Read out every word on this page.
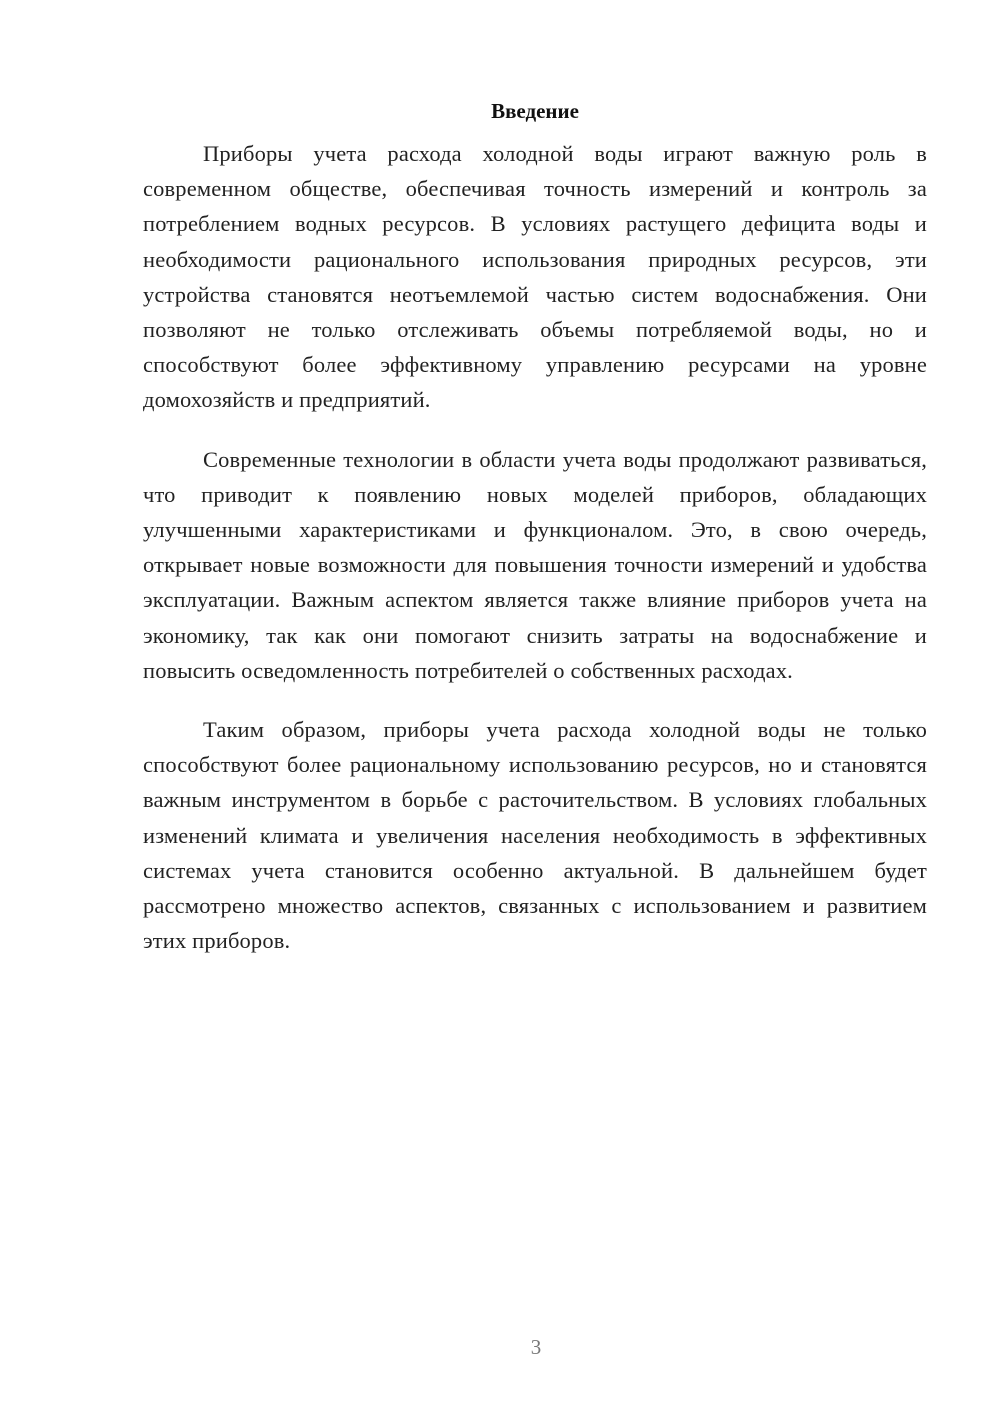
Введение

Приборы учета расхода холодной воды играют важную роль в современном обществе, обеспечивая точность измерений и контроль за потреблением водных ресурсов. В условиях растущего дефицита воды и необходимости рационального использования природных ресурсов, эти устройства становятся неотъемлемой частью систем водоснабжения. Они позволяют не только отслеживать объемы потребляемой воды, но и способствуют более эффективному управлению ресурсами на уровне домохозяйств и предприятий.

Современные технологии в области учета воды продолжают развиваться, что приводит к появлению новых моделей приборов, обладающих улучшенными характеристиками и функционалом. Это, в свою очередь, открывает новые возможности для повышения точности измерений и удобства эксплуатации. Важным аспектом является также влияние приборов учета на экономику, так как они помогают снизить затраты на водоснабжение и повысить осведомленность потребителей о собственных расходах.

Таким образом, приборы учета расхода холодной воды не только способствуют более рациональному использованию ресурсов, но и становятся важным инструментом в борьбе с расточительством. В условиях глобальных изменений климата и увеличения населения необходимость в эффективных системах учета становится особенно актуальной. В дальнейшем будет рассмотрено множество аспектов, связанных с использованием и развитием этих приборов.

3
